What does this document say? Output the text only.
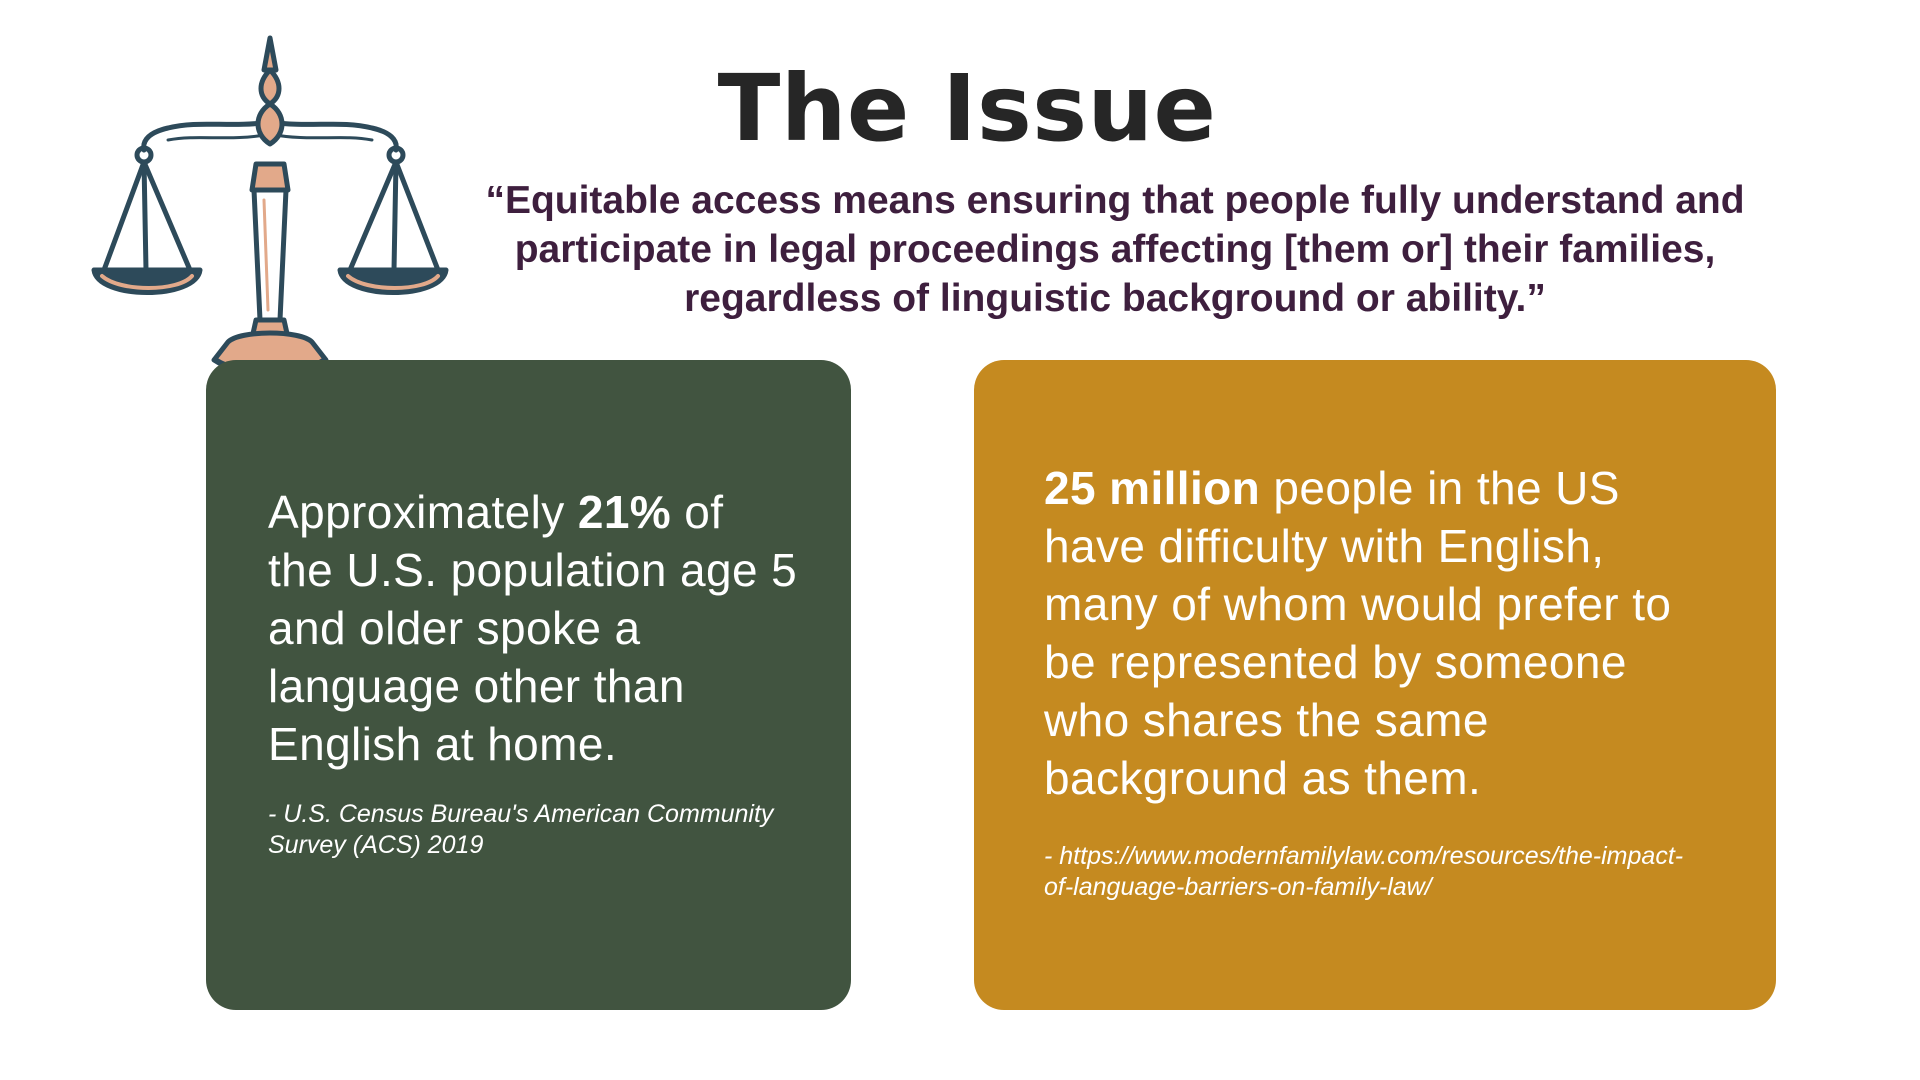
The Issue
“Equitable access means ensuring that people fully understand and participate in legal proceedings affecting [them or] their families, regardless of linguistic background or ability.”
Approximately 21% of the U.S. population age 5 and older spoke a language other than English at home.
- U.S. Census Bureau's American Community Survey (ACS) 2019
25 million people in the US have difficulty with English, many of whom would prefer to be represented by someone who shares the same background as them.
- https://www.modernfamilylaw.com/resources/the-impact-of-language-barriers-on-family-law/
